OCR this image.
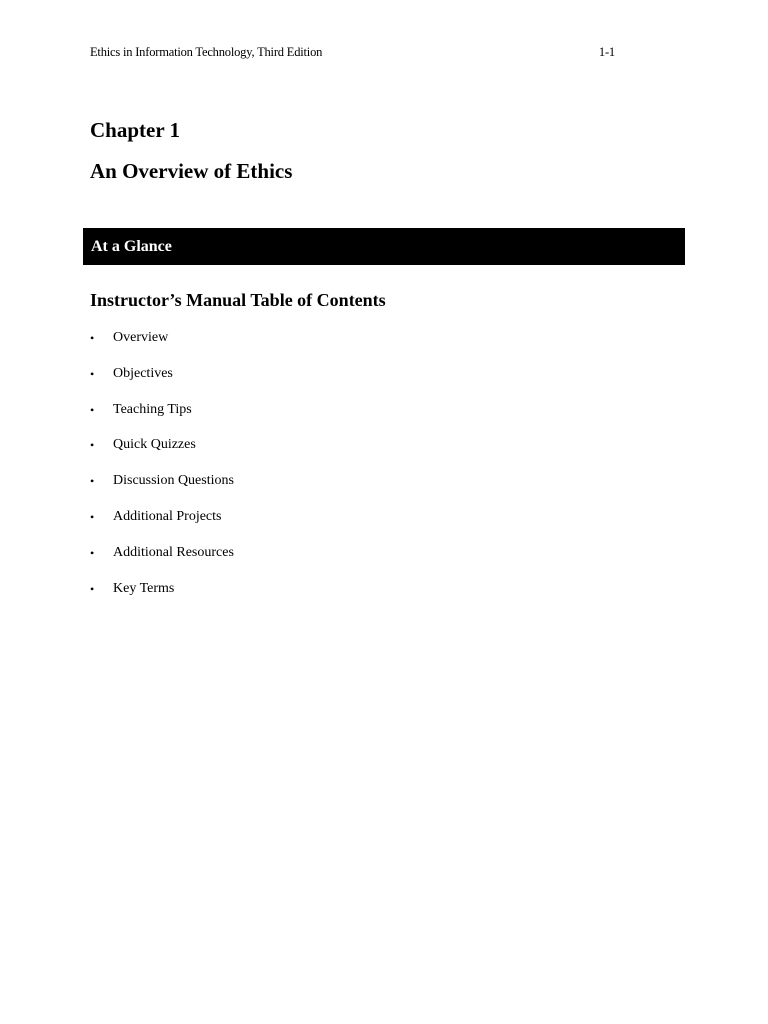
Ethics in Information Technology, Third Edition	1-1
Chapter 1
An Overview of Ethics
At a Glance
Instructor’s Manual Table of Contents
• Overview
• Objectives
• Teaching Tips
• Quick Quizzes
• Discussion Questions
• Additional Projects
• Additional Resources
• Key Terms
